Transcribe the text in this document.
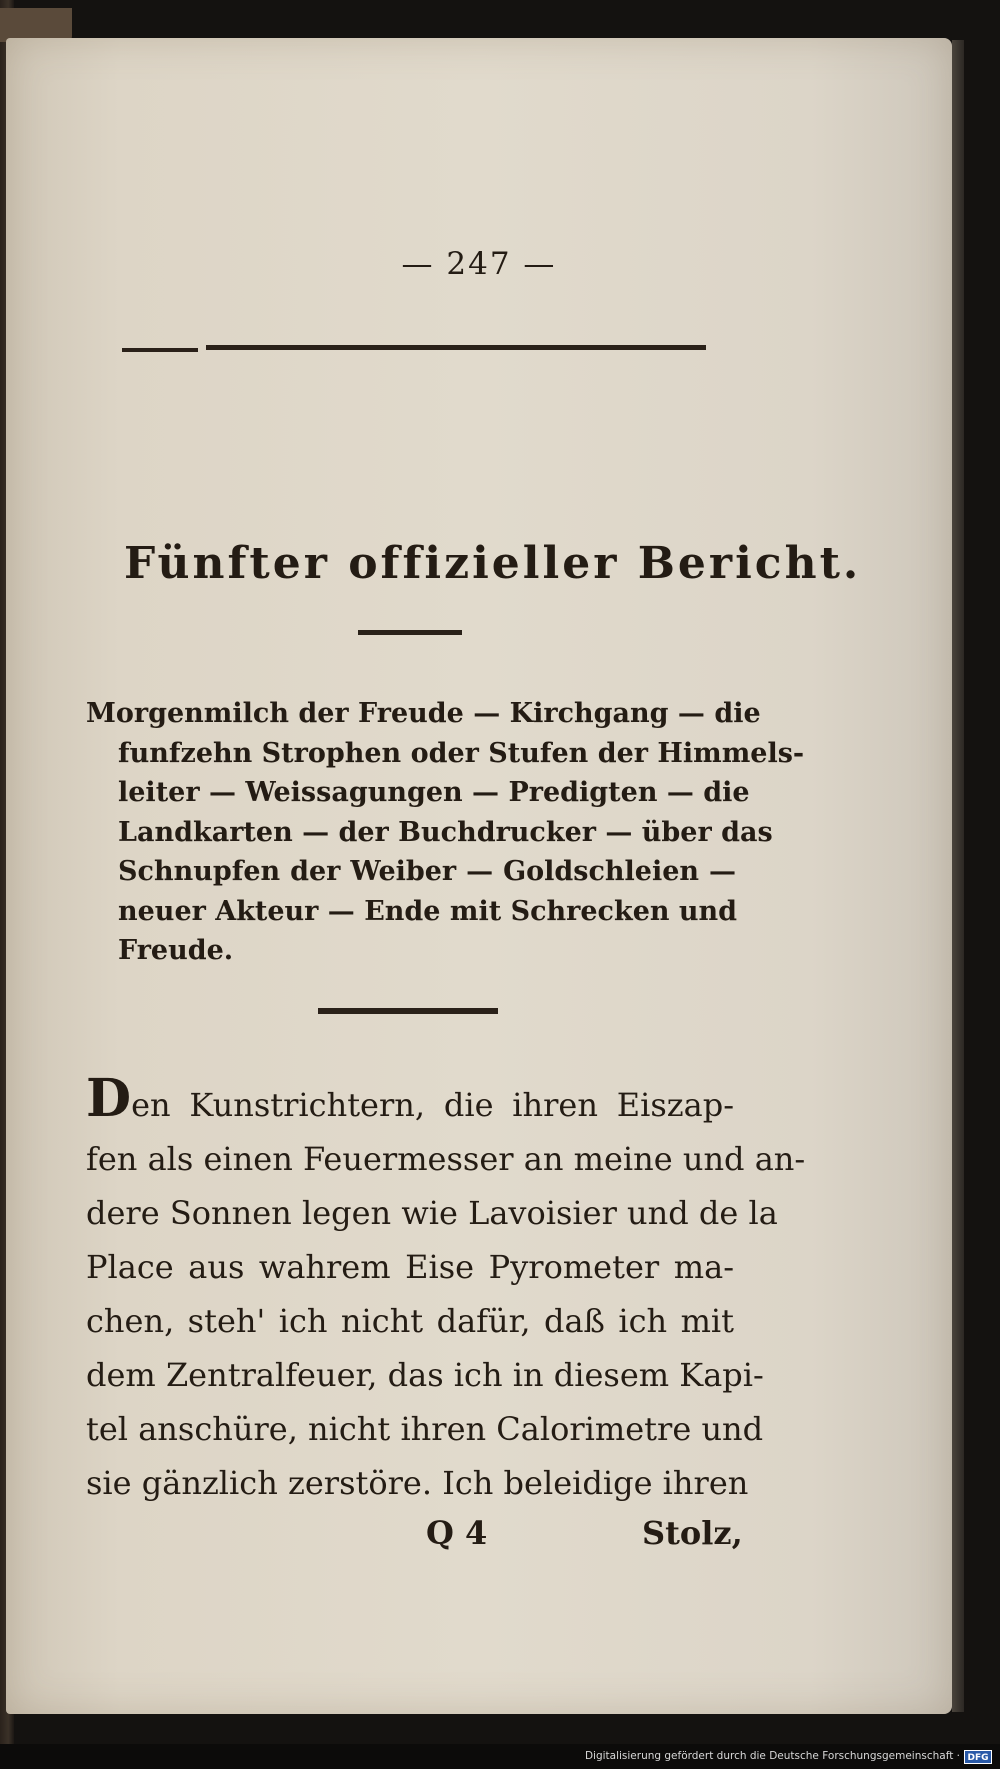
— 247 —
Fünfter offizieller Bericht.
Morgenmilch der Freude — Kirchgang — die
funfzehn Strophen oder Stufen der Himmels-
leiter — Weissagungen — Predigten — die
Landkarten — der Buchdrucker — über das
Schnupfen der Weiber — Goldschleien —
neuer Akteur — Ende mit Schrecken und
Freude.
Den Kunstrichtern, die ihren Eiszap-
fen als einen Feuermesser an meine und an-
dere Sonnen legen wie Lavoisier und de la
Place aus wahrem Eise Pyrometer ma-
chen, steh' ich nicht dafür, daß ich mit
dem Zentralfeuer, das ich in diesem Kapi-
tel anschüre, nicht ihren Calorimetre und
sie gänzlich zerstöre. Ich beleidige ihren
Q 4	Stolz,
Digitalisierung gefördert durch die Deutsche Forschungsgemeinschaft · DFG
